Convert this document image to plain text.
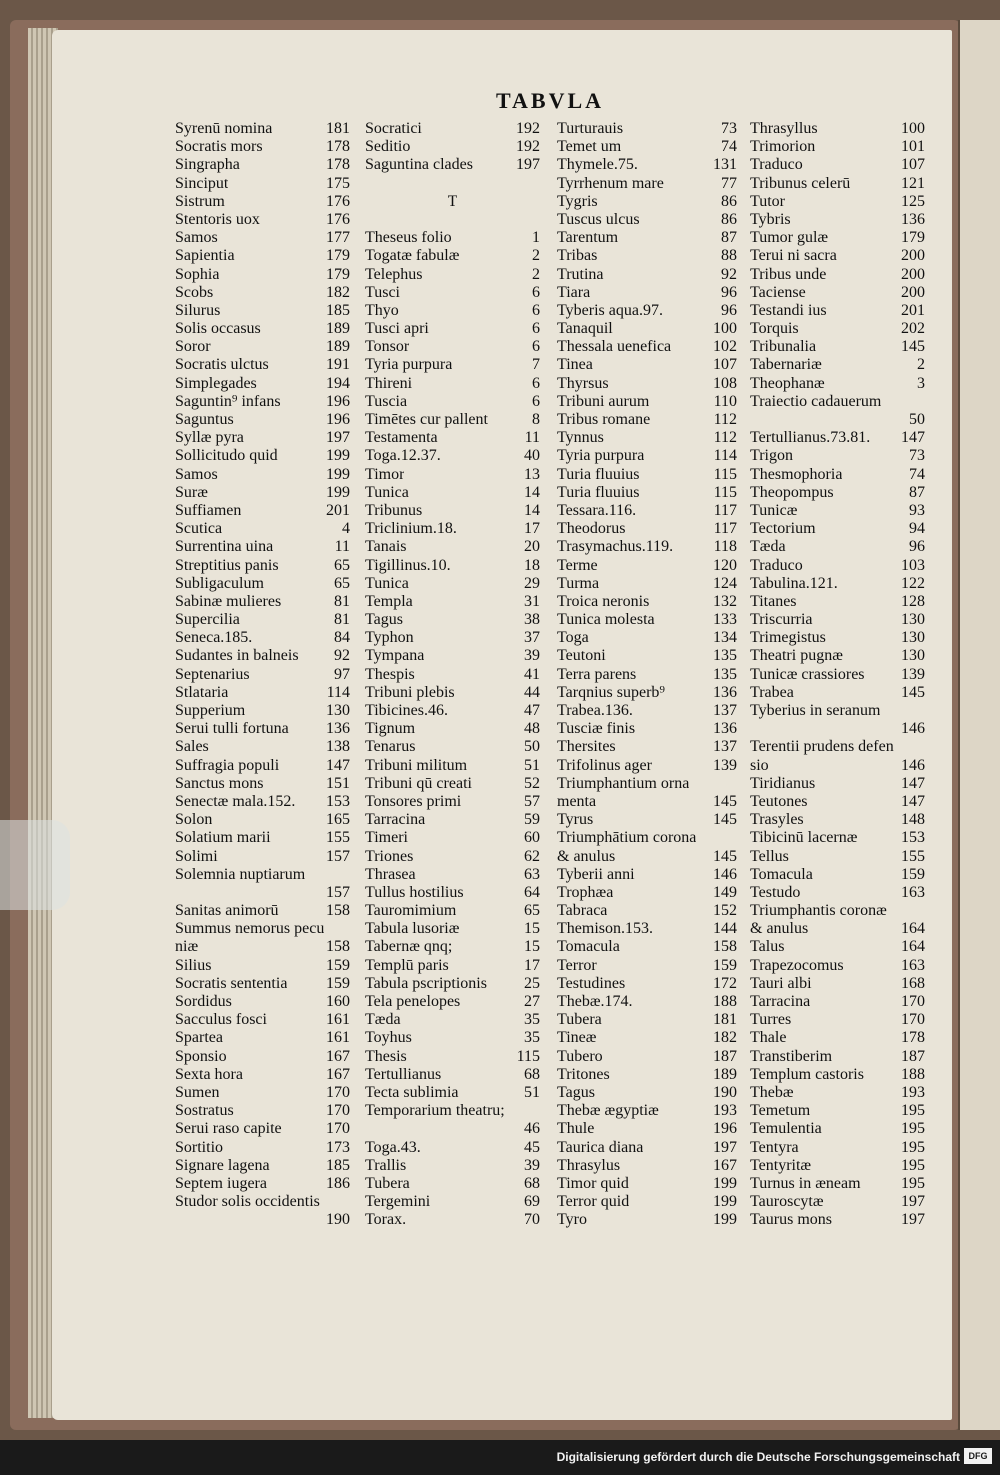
TABVLA
Syrenū nomina	181
Socratis mors	178
Singrapha	178
Sinciput	175
Sistrum	176
Stentoris uox	176
Samos	177
Sapientia	179
Sophia	179
Scobs	182
Silurus	185
Solis occasus	189
Soror	189
Socratis ulctus	191
Simplegades	194
Saguntin⁹ infans	196
Saguntus	196
Syllæ pyra	197
Sollicitudo quid	199
Samos	199
Suræ	199
Suffiamen	201
Scutica	4
Surrentina uina	11
Streptitius panis	65
Subligaculum	65
Sabinæ mulieres	81
Supercilia	81
Seneca.185.	84
Sudantes in balneis 92
Septenarius	97
Stlataria	114
Supperium	130
Serui tulli fortuna 136
Sales	138
Suffragia populi	147
Sanctus mons	151
Senectæ mala.152. 153
Solon	165
Solatium marii	155
Solimi	157
Solemnia nuptiarum
157
Sanitas animorū	158
Summus nemorus pecu
niæ	158
Silius	159
Socratis sententia 159
Sordidus	160
Sacculus fosci	161
Spartea	161
Sponsio	167
Sexta hora	167
Sumen	170
Sostratus	170
Serui raso capite	170
Sortitio	173
Signare lagena	185
Septem iugera	186
Studor solis occidentis
190
Socratici	192
Seditio	192
Saguntina clades	197
T
Theseus folio	1
Togatæ fabulæ	2
Telephus	2
Tusci	6
Thyo	6
Tusci apri	6
Tonsor	6
Tyria purpura	7
Thireni	6
Tuscia	6
Timētes cur pallent	8
Testamenta	11
Toga.12.37.	40
Timor	13
Tunica	14
Tribunus	14
Triclinium.18.	17
Tanais	20
Tigillinus.10.	18
Tunica	29
Templa	31
Tagus	38
Typhon	37
Tympana	39
Thespis	41
Tribuni plebis	44
Tibicines.46.	47
Tignum	48
Tenarus	50
Tribuni militum	51
Tribuni qū creati	52
Tonsores primi	57
Tarracina	59
Timeri	60
Triones	62
Thrasea	63
Tullus hostilius	64
Tauromimium	65
Tabula lusoriæ	15
Tabernæ qnq;	15
Templū paris	17
Tabula pscriptionis 25
Tela penelopes	27
Tæda	35
Toyhus	35
Thesis	115
Tertullianus	68
Tecta sublimia	51
Temporarium theatru;
46
Toga.43.	45
Trallis	39
Tubera	68
Tergemini	69
Torax.	70
Turturauis	73
Temet um	74
Thymele.75.	131
Tyrrhenum mare	77
Tygris	86
Tuscus ulcus	86
Tarentum	87
Tribas	88
Trutina	92
Tiara	96
Tyberis aqua.97.	96
Tanaquil	100
Thessala uenefica	102
Tinea	107
Thyrsus	108
Tribuni aurum	110
Tribus romane	112
Tynnus	112
Tyria purpura	114
Turia fluuius	115
Turia fluuius	115
Tessara.116.	117
Theodorus	117
Trasymachus.119.	118
Terme	120
Turma	124
Troica neronis	132
Tunica molesta	133
Toga	134
Teutoni	135
Terra parens	135
Tarqnius superb⁹	136
Trabea.136.	137
Tusciæ finis	136
Thersites	137
Trifolinus ager	139
Triumphantium orna
menta	145
Tyrus	145
Triumphātium corona
& anulus	145
Tyberii anni	146
Trophæa	149
Tabraca	152
Themison.153.	144
Tomacula	158
Terror	159
Testudines	172
Thebæ.174.	188
Tubera	181
Tineæ	182
Tubero	187
Tritones	189
Tagus	190
Thebæ ægyptiæ	193
Thule	196
Taurica diana	197
Thrasylus	167
Timor quid	199
Terror quid	199
Tyro	199
Thrasyllus	100
Trimorion	101
Traduco	107
Tribunus celerū	121
Tutor	125
Tybris	136
Tumor gulæ	179
Terui ni sacra	200
Tribus unde	200
Taciense	200
Testandi ius	201
Torquis	202
Tribunalia	145
Tabernariæ	2
Theophanæ	3
Traiectio cadauerum
50
Tertullianus.73.81. 147
Trigon	73
Thesmophoria	74
Theopompus	87
Tunicæ	93
Tectorium	94
Tæda	96
Traduco	103
Tabulina.121.	122
Titanes	128
Triscurria	130
Trimegistus	130
Theatri pugnæ	130
Tunicæ crassiores 139
Trabea	145
Tyberius in seranum
146
Terentii prudens defen
sio	146
Tiridianus	147
Teutones	147
Trasyles	148
Tibicinū lacernæ	153
Tellus	155
Tomacula	159
Testudo	163
Triumphantis coronæ
& anulus	164
Talus	164
Trapezocomus	163
Tauri albi	168
Tarracina	170
Turres	170
Thale	178
Transtiberim	187
Templum castoris 188
Thebæ	193
Temetum	195
Temulentia	195
Tentyra	195
Tentyritæ	195
Turnus in æneam	195
Tauroscytæ	197
Taurus mons	197
Digitalisierung gefördert durch die Deutsche Forschungsgemeinschaft DFG
